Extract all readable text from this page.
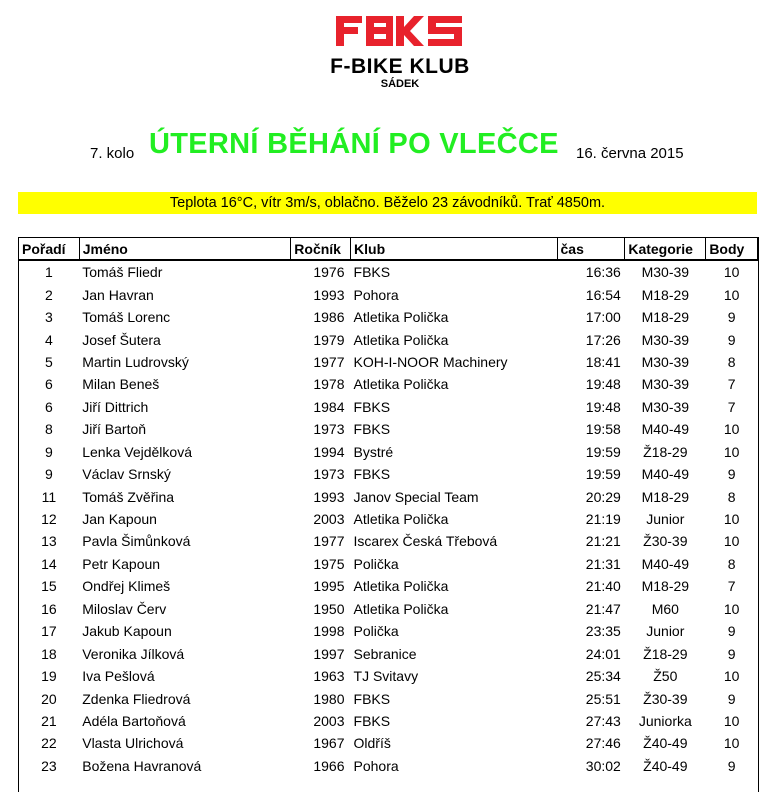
F-BIKE KLUB
SÁDEK
7. kolo ÚTERNÍ BĚHÁNÍ PO VLEČCE 16. června 2015
Teplota 16°C, vítr 3m/s, oblačno. Běželo 23 závodníků. Trať 4850m.
Pořadí	Jméno	Ročník	Klub	čas	Kategorie	Body
1	Tomáš Fliedr	1976	FBKS	16:36	M30-39	10
2	Jan Havran	1993	Pohora	16:54	M18-29	10
3	Tomáš Lorenc	1986	Atletika Polička	17:00	M18-29	9
4	Josef Šutera	1979	Atletika Polička	17:26	M30-39	9
5	Martin Ludrovský	1977	KOH-I-NOOR Machinery	18:41	M30-39	8
6	Milan Beneš	1978	Atletika Polička	19:48	M30-39	7
6	Jiří Dittrich	1984	FBKS	19:48	M30-39	7
8	Jiří Bartoň	1973	FBKS	19:58	M40-49	10
9	Lenka Vejdělková	1994	Bystré	19:59	Ž18-29	10
9	Václav Srnský	1973	FBKS	19:59	M40-49	9
11	Tomáš Zvěřina	1993	Janov Special Team	20:29	M18-29	8
12	Jan Kapoun	2003	Atletika Polička	21:19	Junior	10
13	Pavla Šimůnková	1977	Iscarex Česká Třebová	21:21	Ž30-39	10
14	Petr Kapoun	1975	Polička	21:31	M40-49	8
15	Ondřej Klimeš	1995	Atletika Polička	21:40	M18-29	7
16	Miloslav Červ	1950	Atletika Polička	21:47	M60	10
17	Jakub Kapoun	1998	Polička	23:35	Junior	9
18	Veronika Jílková	1997	Sebranice	24:01	Ž18-29	9
19	Iva Pešlová	1963	TJ Svitavy	25:34	Ž50	10
20	Zdenka Fliedrová	1980	FBKS	25:51	Ž30-39	9
21	Adéla Bartoňová	2003	FBKS	27:43	Juniorka	10
22	Vlasta Ulrichová	1967	Oldříš	27:46	Ž40-49	10
23	Božena Havranová	1966	Pohora	30:02	Ž40-49	9
